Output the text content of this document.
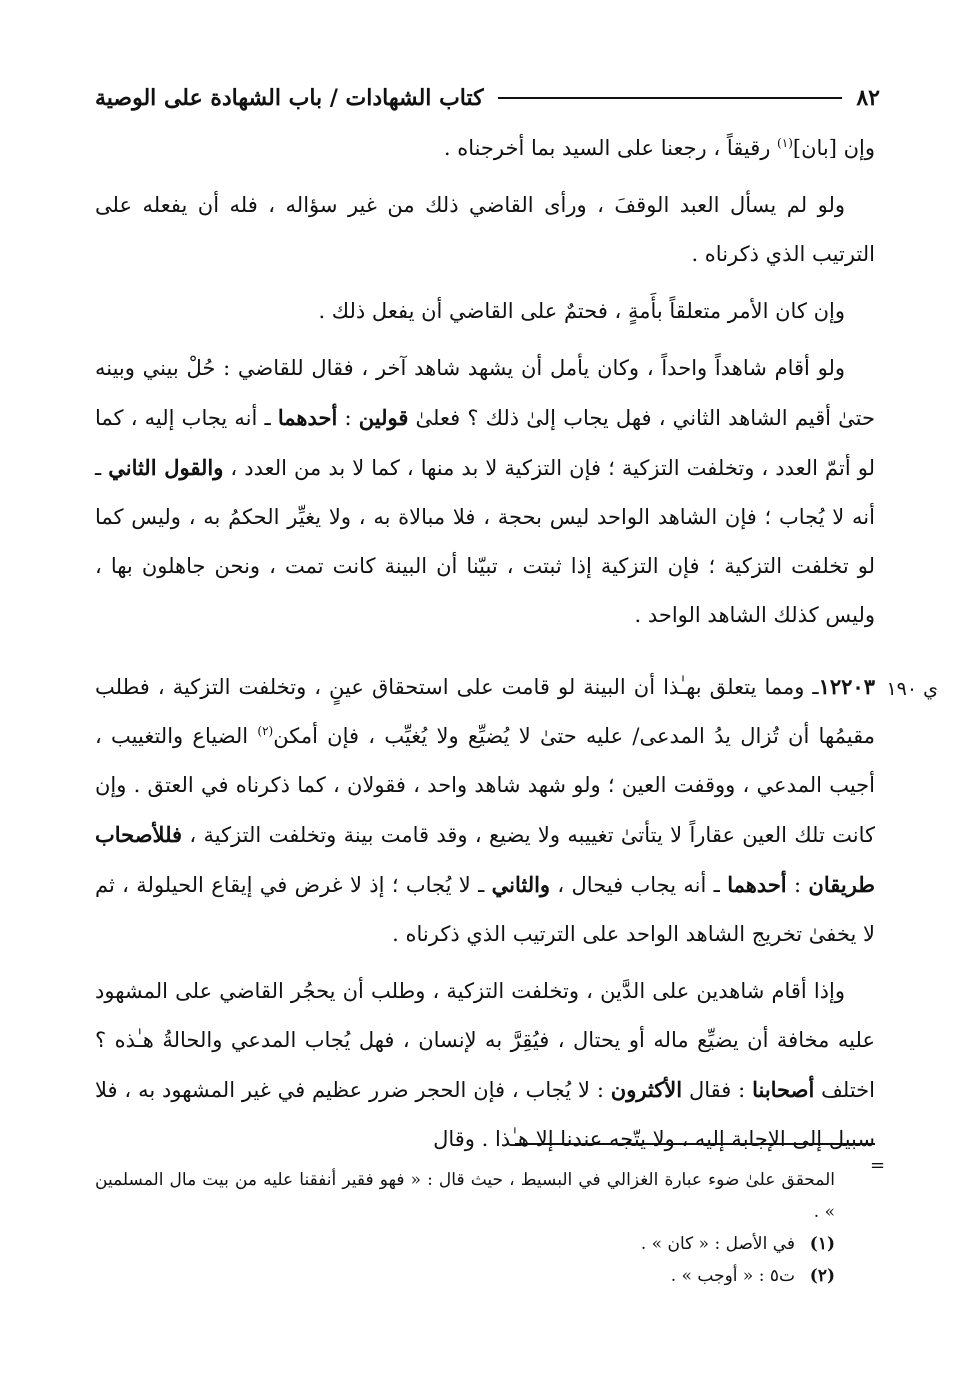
٨٢
كتاب الشهادات / باب الشهادة على الوصية
ي ١٩٠

وإن [بان]$^{(١)}$ رقيقاً ، رجعنا على السيد بما أخرجناه .

ولو لم يسأل العبد الوقفَ ، ورأى القاضي ذلك من غير سؤاله ، فله أن يفعله على الترتيب الذي ذكرناه .

وإن كان الأمر متعلقاً بأَمةٍ ، فحتمٌ على القاضي أن يفعل ذلك .

ولو أقام شاهداً واحداً ، وكان يأمل أن يشهد شاهد آخر ، فقال للقاضي : حُلْ بيني وبينه حتىٰ أقيم الشاهد الثاني ، فهل يجاب إلىٰ ذلك ؟ فعلىٰ قولين : أحدهما ـ أنه يجاب إليه ، كما لو أتمّ العدد ، وتخلفت التزكية ؛ فإن التزكية لا بد منها ، كما لا بد من العدد ، والقول الثاني ـ أنه لا يُجاب ؛ فإن الشاهد الواحد ليس بحجة ، فلا مبالاة به ، ولا يغيِّر الحكمُ به ، وليس كما لو تخلفت التزكية ؛ فإن التزكية إذا ثبتت ، تبيّنا أن البينة كانت تمت ، ونحن جاهلون بها ، وليس كذلك الشاهد الواحد .

١٢٢٠٣ـ ومما يتعلق بهـٰذا أن البينة لو قامت على استحقاق عينٍ ، وتخلفت التزكية ، فطلب مقيمُها أن تُزال يدُ المدعى/ عليه حتىٰ لا يُضيِّع ولا يُغيِّب ، فإن أمكن$^{(٢)}$ الضياع والتغييب ، أجيب المدعي ، ووقفت العين ؛ ولو شهد شاهد واحد ، فقولان ، كما ذكرناه في العتق . وإن كانت تلك العين عقاراً لا يتأتىٰ تغييبه ولا يضيع ، وقد قامت بينة وتخلفت التزكية ، فللأصحاب طريقان : أحدهما ـ أنه يجاب فيحال ، والثاني ـ لا يُجاب ؛ إذ لا غرض في إيقاع الحيلولة ، ثم لا يخفىٰ تخريج الشاهد الواحد على الترتيب الذي ذكرناه .

وإذا أقام شاهدين على الدَّين ، وتخلفت التزكية ، وطلب أن يحجُر القاضي على المشهود عليه مخافة أن يضيِّع ماله أو يحتال ، فيُقِرَّ به لإنسان ، فهل يُجاب المدعي والحالةُ هـٰذه ؟ اختلف أصحابنا : فقال الأكثرون : لا يُجاب ، فإن الحجر ضرر عظيم في غير المشهود به ، فلا سبيل إلى الإجابة إليه ، ولا يتّجه عندنا إلا هـٰذا . وقال

=

المحقق علىٰ ضوء عبارة الغزالي في البسيط ، حيث قال : « فهو فقير أنفقنا عليه من بيت مال المسلمين » .

(١)
في الأصل : « كان » .
(٢)
ت٥ : « أوجب » .
